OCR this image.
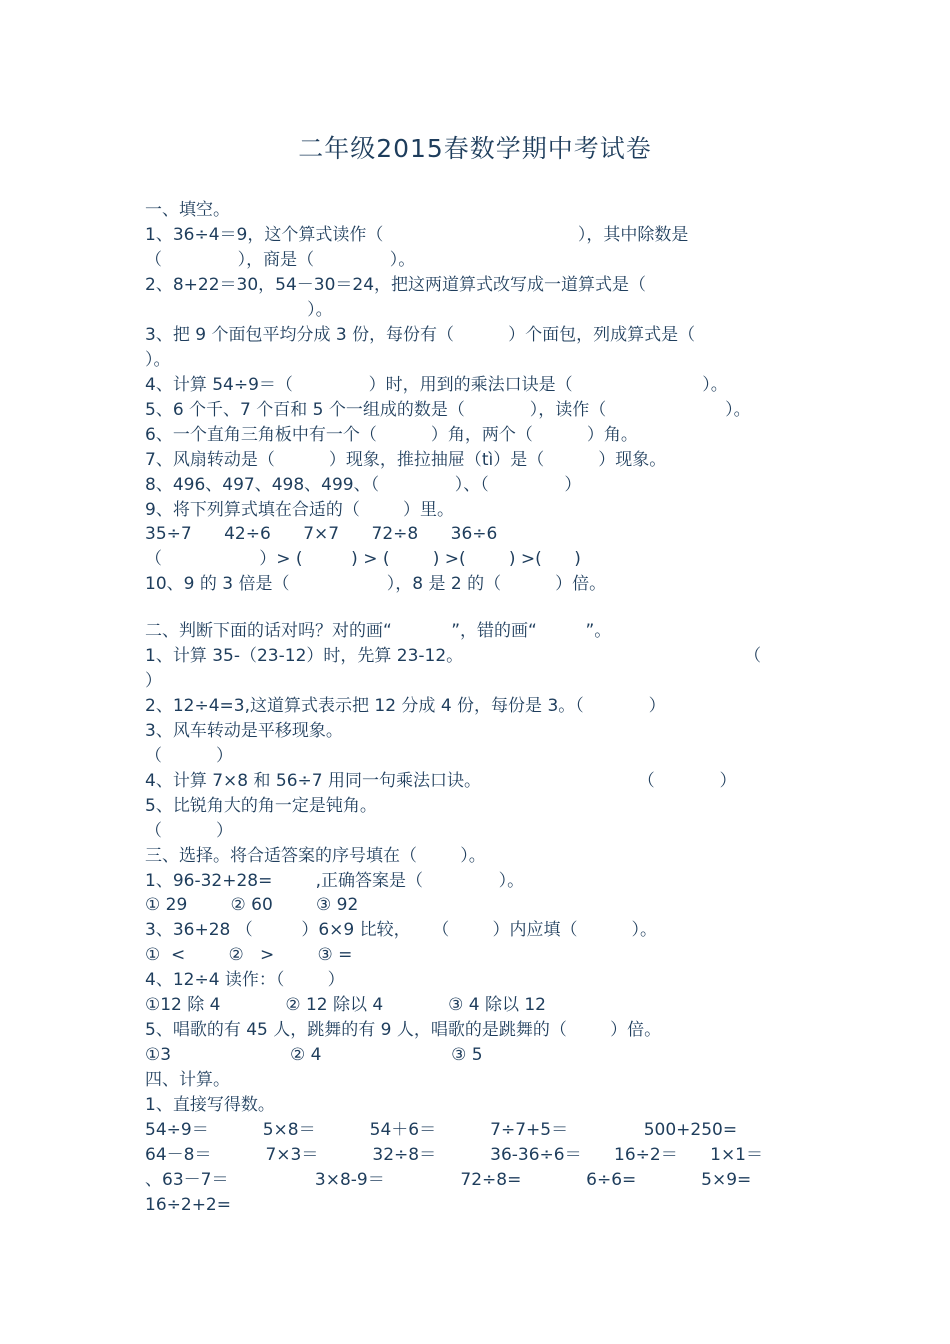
二年级2015春数学期中考试卷
一、填空。
1、36÷4＝9，这个算式读作（                                    ），其中除数是
（              ），商是（              ）。
2、8+22＝30，54－30＝24，把这两道算式改写成一道算式是（
）。
3、把 9 个面包平均分成 3 份，每份有（          ）个面包，列成算式是（
）。
4、计算 54÷9＝（              ）时，用到的乘法口诀是（                        ）。
5、6 个千、7 个百和 5 个一组成的数是（            ），读作（                      ）。
6、一个直角三角板中有一个（          ）角，两个（          ）角。
7、风扇转动是（          ）现象，推拉抽屉（tì）是（          ）现象。
8、496、497、498、499、（              ）、（              ）
9、将下列算式填在合适的（        ）里。
35÷7      42÷6      7×7      72÷8      36÷6
（                  ）> (         ) > (        ) >(        ) >(      )
10、9 的 3 倍是（                  ），8 是 2 的（          ）倍。
二、判断下面的话对吗？对的画“           ”，错的画“         ”。
1、计算 35-（23-12）时，先算 23-12。                                                    （
）
2、12÷4=3,这道算式表示把 12 分成 4 份，每份是 3。（            ）
3、风车转动是平移现象。
（          ）
4、计算 7×8 和 56÷7 用同一句乘法口诀。                             （            ）
5、比锐角大的角一定是钝角。
（          ）
三、选择。将合适答案的序号填在（        ）。
1、96-32+28=        ,正确答案是（              ）。
① 29        ② 60        ③ 92
3、36+28 （         ）6×9 比较，    （        ）内应填（          ）。
①  <        ②   >        ③ =
4、12÷4 读作：（        ）
①12 除 4            ② 12 除以 4            ③ 4 除以 12
5、唱歌的有 45 人，跳舞的有 9 人，唱歌的是跳舞的（        ）倍。
①3                      ② 4                        ③ 5
四、计算。
1、直接写得数。
54÷9＝          5×8＝          54＋6＝          7÷7+5＝              500+250=
64－8＝          7×3＝          32÷8＝          36-36÷6＝      16÷2＝      1×1＝
、63－7＝                3×8-9＝              72÷8=            6÷6=            5×9=
16÷2+2=
